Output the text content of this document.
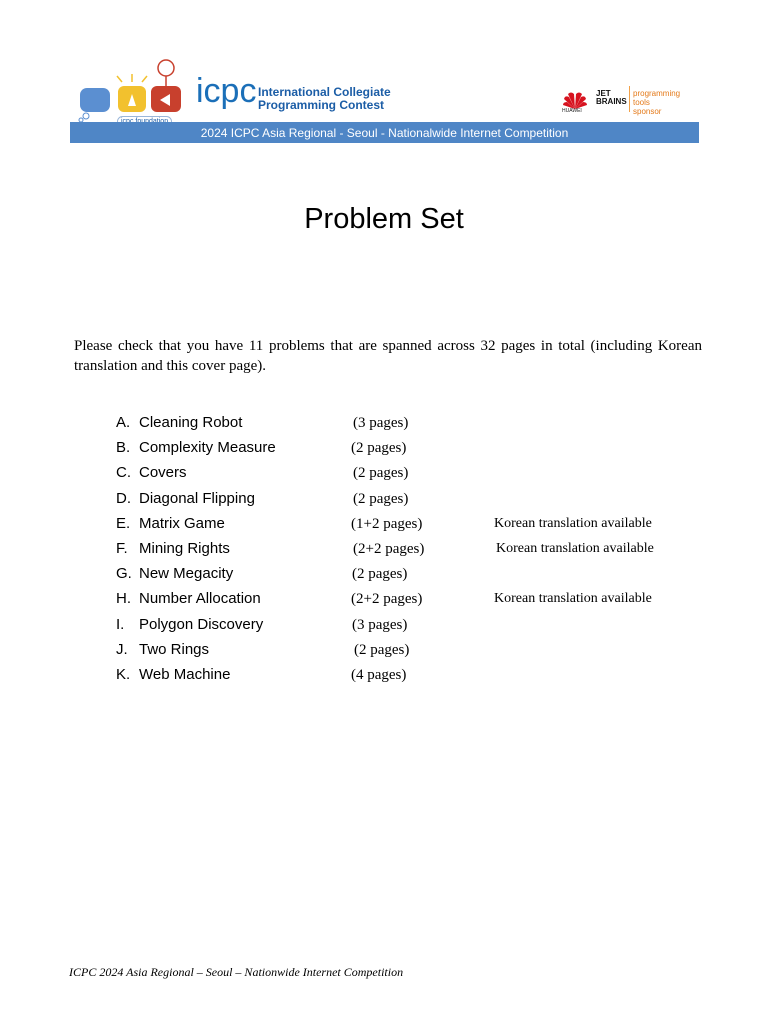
icpc International Collegiate
Programming Contest	HUAWEI
JET
BRAINS
programming
tools sponsor
2024 ICPC Asia Regional - Seoul - Nationalwide Internet Competition
Problem Set
Please check that you have 11 problems that are spanned across 32 pages in total (including Korean translation and this cover page).
A. Cleaning Robot	(3 pages)
B. Complexity Measure	(2 pages)
C. Covers	(2 pages)
D. Diagonal Flipping	(2 pages)
E. Matrix Game	(1+2 pages)	Korean translation available
F. Mining Rights	(2+2 pages)	Korean translation available
G. New Megacity	(2 pages)
H. Number Allocation	(2+2 pages)	Korean translation available
I. Polygon Discovery	(3 pages)
J. Two Rings	(2 pages)
K. Web Machine	(4 pages)
ICPC 2024 Asia Regional – Seoul – Nationwide Internet Competition
